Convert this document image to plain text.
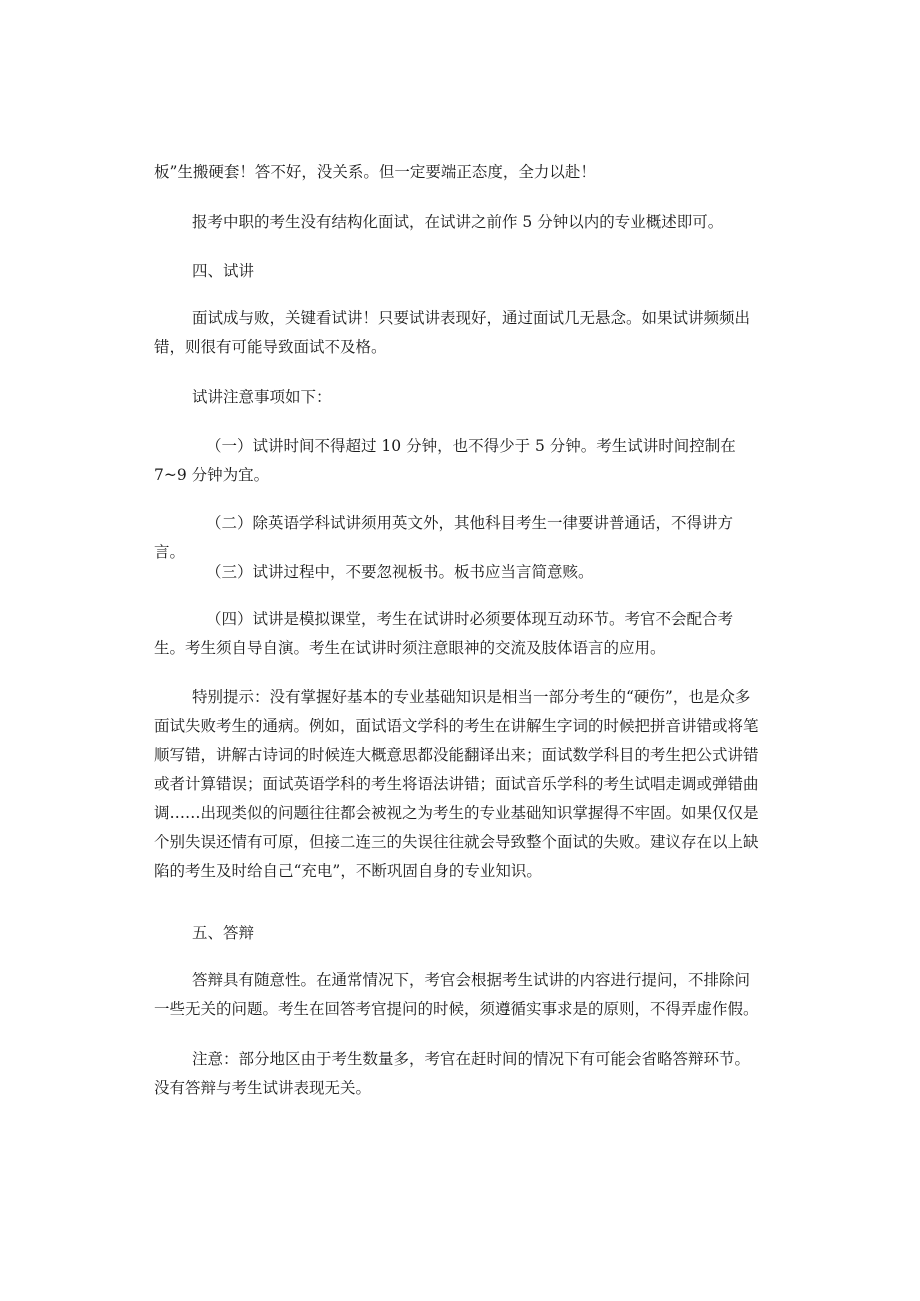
板”生搬硬套！答不好，没关系。但一定要端正态度，全力以赴！

报考中职的考生没有结构化面试，在试讲之前作 5 分钟以内的专业概述即可。

四、试讲

面试成与败，关键看试讲！只要试讲表现好，通过面试几无悬念。如果试讲频频出错，则很有可能导致面试不及格。

试讲注意事项如下：

（一）试讲时间不得超过 10 分钟，也不得少于 5 分钟。考生试讲时间控制在 7~9 分钟为宜。

（二）除英语学科试讲须用英文外，其他科目考生一律要讲普通话，不得讲方言。

（三）试讲过程中，不要忽视板书。板书应当言简意赅。

（四）试讲是模拟课堂，考生在试讲时必须要体现互动环节。考官不会配合考生。考生须自导自演。考生在试讲时须注意眼神的交流及肢体语言的应用。

特别提示：没有掌握好基本的专业基础知识是相当一部分考生的“硬伤”，也是众多面试失败考生的通病。例如，面试语文学科的考生在讲解生字词的时候把拼音讲错或将笔顺写错，讲解古诗词的时候连大概意思都没能翻译出来；面试数学科目的考生把公式讲错或者计算错误；面试英语学科的考生将语法讲错；面试音乐学科的考生试唱走调或弹错曲调……出现类似的问题往往都会被视之为考生的专业基础知识掌握得不牢固。如果仅仅是个别失误还情有可原，但接二连三的失误往往就会导致整个面试的失败。建议存在以上缺陷的考生及时给自己“充电”，不断巩固自身的专业知识。

五、答辩

答辩具有随意性。在通常情况下，考官会根据考生试讲的内容进行提问，不排除问一些无关的问题。考生在回答考官提问的时候，须遵循实事求是的原则，不得弄虚作假。

注意：部分地区由于考生数量多，考官在赶时间的情况下有可能会省略答辩环节。没有答辩与考生试讲表现无关。
